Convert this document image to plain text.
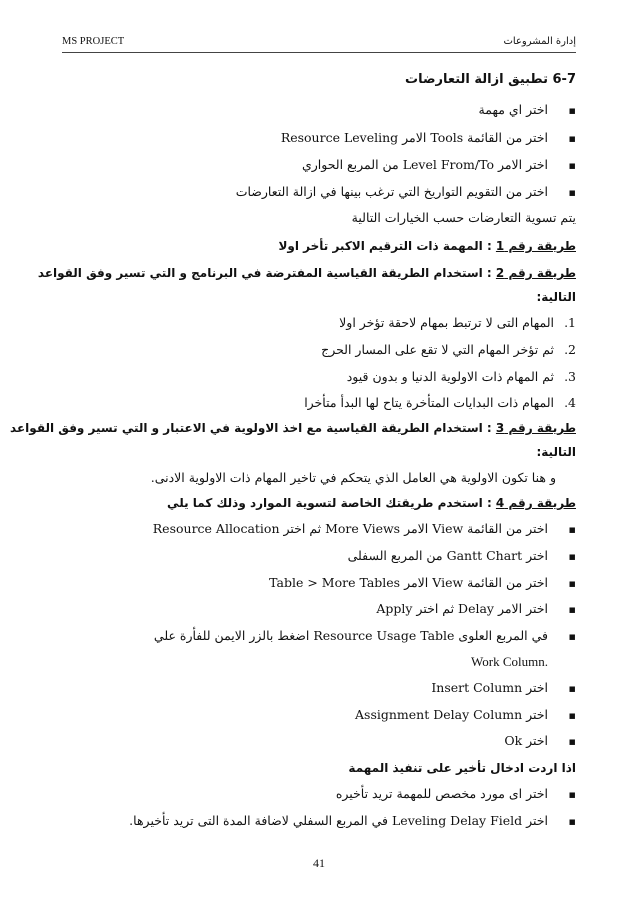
MS PROJECT	إدارة المشروعات
6-7 تطبيق ازالة التعارضات
▪ اختر اي مهمة
▪ اختر من القائمة Tools الامر Resource Leveling
▪ اختر الامر Level From/To من المربع الحواري
▪ اختر من التقويم التواريخ التي ترغب بينها في ازالة التعارضات
يتم تسوية التعارضات حسب الخيارات التالية
طريقة رقم 1 : المهمة ذات الترقيم الاكبر تأخر اولا
طريقة رقم 2 : استخدام الطريقة القياسية المفترضة في البرنامج و التي تسير وفق القواعد
التالية:
1.المهام التى لا ترتبط بمهام لاحقة تؤخر اولا
2.ثم تؤخر المهام التي لا تقع على المسار الحرج
3.ثم المهام ذات الاولوية الدنيا و بدون قيود
4.المهام ذات البدايات المتأخرة يتاح لها البدأ متأخرا
طريقة رقم 3 : استخدام الطريقة القياسية مع اخذ الاولوية في الاعتبار و التي تسير وفق القواعد
التالية:
و هنا تكون الاولوية هي العامل الذي يتحكم في تاخير المهام ذات الاولوية الادنى.
طريقة رقم 4 : استخدم طريقتك الخاصة لتسوية الموارد وذلك كما يلي
▪ اختر من القائمة View الامر More Views ثم اختر Resource Allocation
▪ اختر Gantt Chart من المربع السفلى
▪ اختر من القائمة View الامر Table > More Tables
▪ اختر الامر Delay ثم اختر Apply
▪ في المربع العلوى Resource Usage Table اضغط بالزر الايمن للفأرة علي
Work Column.
▪ اختر Insert Column
▪ اختر Assignment Delay Column
▪ اختر Ok
اذا اردت ادخال تأخير على تنفيذ المهمة
▪ اختر اى مورد مخصص للمهمة تريد تأخيره
▪ اختر Leveling Delay Field في المربع السفلي لاضافة المدة التى تريد تأخيرها.
41
